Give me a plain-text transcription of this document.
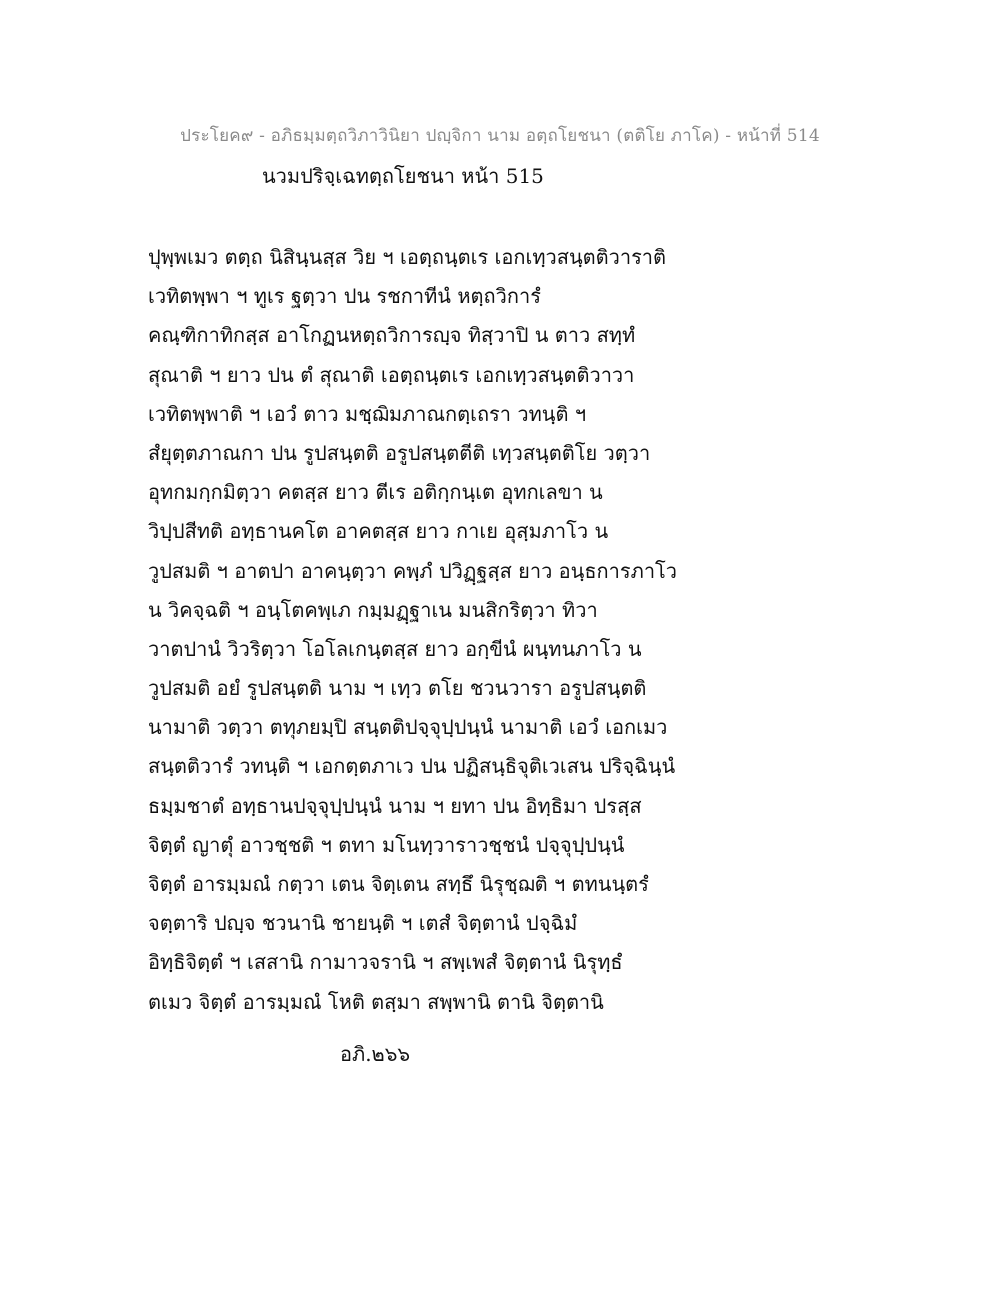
ประโยค๙ - อภิธมฺมตฺถวิภาวินิยา ปญฺจิกา นาม อตฺถโยชนา (ตติโย ภาโค) - หน้าที่ 514
นวมปริจฺเฉทตฺถโยชนา หน้า 515
ปุพฺพเมว ตตฺถ นิสินฺนสฺส วิย ฯ เอตฺถนฺตเร เอกเทฺวสนฺตติวาราติ
เวทิตพฺพา ฯ ทูเร ฐตฺวา ปน รชกาทีนํ หตฺถวิการํ
คณฺฑิกาทิกสฺส อาโกฏนหตฺถวิการญฺจ ทิสฺวาปิ น ตาว สทฺทํ
สุณาติ ฯ ยาว ปน ตํ สุณาติ เอตฺถนฺตเร เอกเทฺวสนฺตติวาวา
เวทิตพฺพาติ ฯ เอวํ ตาว มชฺฌิมภาณกตฺเถรา วทนฺติ ฯ
สํยุตฺตภาณกา ปน รูปสนฺตติ อรูปสนฺตตีติ เทฺวสนฺตติโย วตฺวา
อุทกมกฺกมิตฺวา คตสฺส ยาว ตีเร อติกฺกนฺเต อุทกเลขา น
วิปฺปสีทติ อทฺธานคโต อาคตสฺส ยาว กาเย อุสฺมภาโว น
วูปสมติ ฯ อาตปา อาคนฺตฺวา คพฺภํ ปวิฏฺฐสฺส ยาว อนฺธการภาโว
น วิคจฺฉติ ฯ อนฺโตคพฺเภ กมฺมฏฺฐาเน มนสิกริตฺวา ทิวา
วาตปานํ วิวริตฺวา โอโลเกนฺตสฺส ยาว อกฺขีนํ ผนฺทนภาโว น
วูปสมติ อยํ รูปสนฺตติ นาม ฯ เทฺว ตโย ชวนวารา อรูปสนฺตติ
นามาติ วตฺวา ตทุภยมฺปิ สนฺตติปจฺจุปฺปนฺนํ นามาติ เอวํ เอกเมว
สนฺตติวารํ วทนฺติ ฯ เอกตฺตภาเว ปน ปฏิสนฺธิจุติเวเสน ปริจฺฉินฺนํ
ธมฺมชาตํ อทฺธานปจฺจุปฺปนฺนํ นาม ฯ ยทา ปน อิทฺธิมา ปรสฺส
จิตฺตํ ญาตุํ อาวชฺชติ ฯ ตทา มโนทฺวาราวชฺชนํ ปจฺจุปฺปนฺนํ
จิตฺตํ อารมฺมณํ กตฺวา เตน จิตฺเตน สทฺธึ นิรุชฺฌติ ฯ ตทนนฺตรํ
จตฺตาริ ปญฺจ ชวนานิ ชายนฺติ ฯ เตสํ จิตฺตานํ ปจฺฉิมํ
อิทฺธิจิตฺตํ ฯ เสสานิ กามาวจรานิ ฯ สพฺเพสํ จิตฺตานํ นิรุทฺธํ
ตเมว จิตฺตํ อารมฺมณํ โหติ ตสฺมา สพฺพานิ ตานิ จิตฺตานิ
อภิ.๒๖๖
